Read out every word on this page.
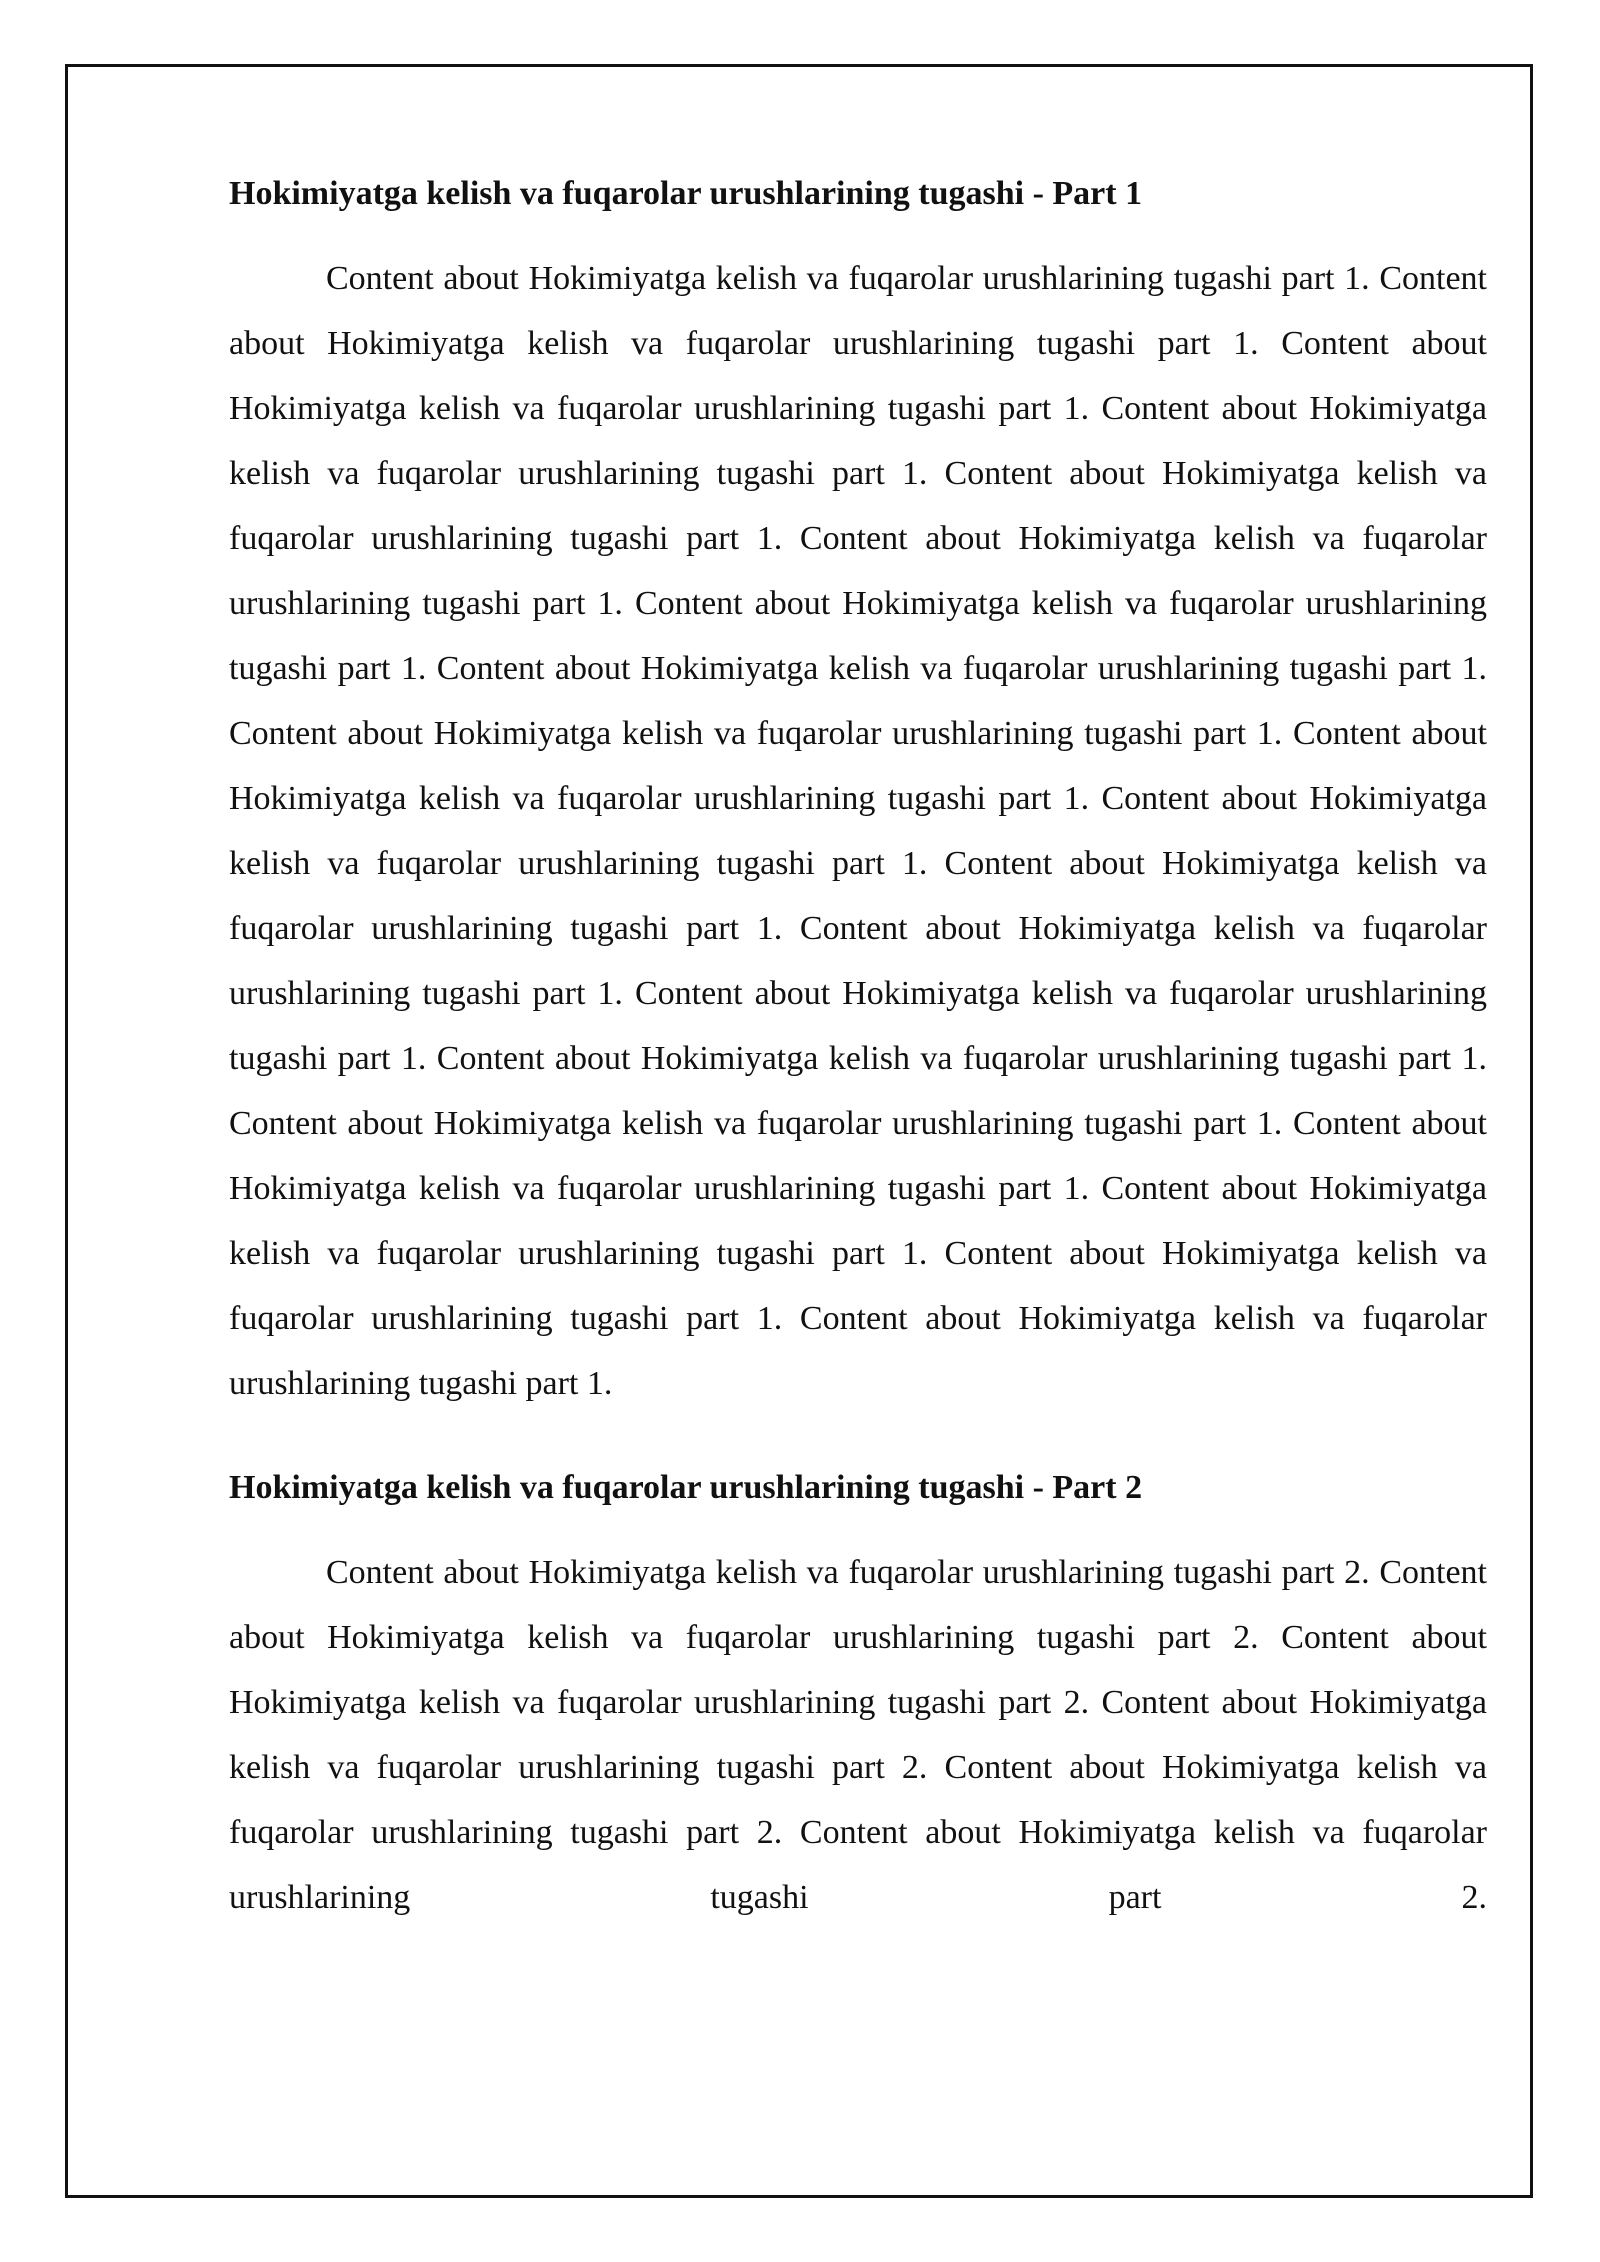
Hokimiyatga kelish va fuqarolar urushlarining tugashi - Part 1

Content about Hokimiyatga kelish va fuqarolar urushlarining tugashi part 1. Content about Hokimiyatga kelish va fuqarolar urushlarining tugashi part 1. Content about Hokimiyatga kelish va fuqarolar urushlarining tugashi part 1. Content about Hokimiyatga kelish va fuqarolar urushlarining tugashi part 1. Content about Hokimiyatga kelish va fuqarolar urushlarining tugashi part 1. Content about Hokimiyatga kelish va fuqarolar urushlarining tugashi part 1. Content about Hokimiyatga kelish va fuqarolar urushlarining tugashi part 1. Content about Hokimiyatga kelish va fuqarolar urushlarining tugashi part 1. Content about Hokimiyatga kelish va fuqarolar urushlarining tugashi part 1. Content about Hokimiyatga kelish va fuqarolar urushlarining tugashi part 1. Content about Hokimiyatga kelish va fuqarolar urushlarining tugashi part 1. Content about Hokimiyatga kelish va fuqarolar urushlarining tugashi part 1. Content about Hokimiyatga kelish va fuqarolar urushlarining tugashi part 1. Content about Hokimiyatga kelish va fuqarolar urushlarining tugashi part 1. Content about Hokimiyatga kelish va fuqarolar urushlarining tugashi part 1. Content about Hokimiyatga kelish va fuqarolar urushlarining tugashi part 1. Content about Hokimiyatga kelish va fuqarolar urushlarining tugashi part 1. Content about Hokimiyatga kelish va fuqarolar urushlarining tugashi part 1. Content about Hokimiyatga kelish va fuqarolar urushlarining tugashi part 1. Content about Hokimiyatga kelish va fuqarolar urushlarining tugashi part 1.

Hokimiyatga kelish va fuqarolar urushlarining tugashi - Part 2

Content about Hokimiyatga kelish va fuqarolar urushlarining tugashi part 2. Content about Hokimiyatga kelish va fuqarolar urushlarining tugashi part 2. Content about Hokimiyatga kelish va fuqarolar urushlarining tugashi part 2. Content about Hokimiyatga kelish va fuqarolar urushlarining tugashi part 2. Content about Hokimiyatga kelish va fuqarolar urushlarining tugashi part 2. Content about Hokimiyatga kelish va fuqarolar urushlarining tugashi part 2.
